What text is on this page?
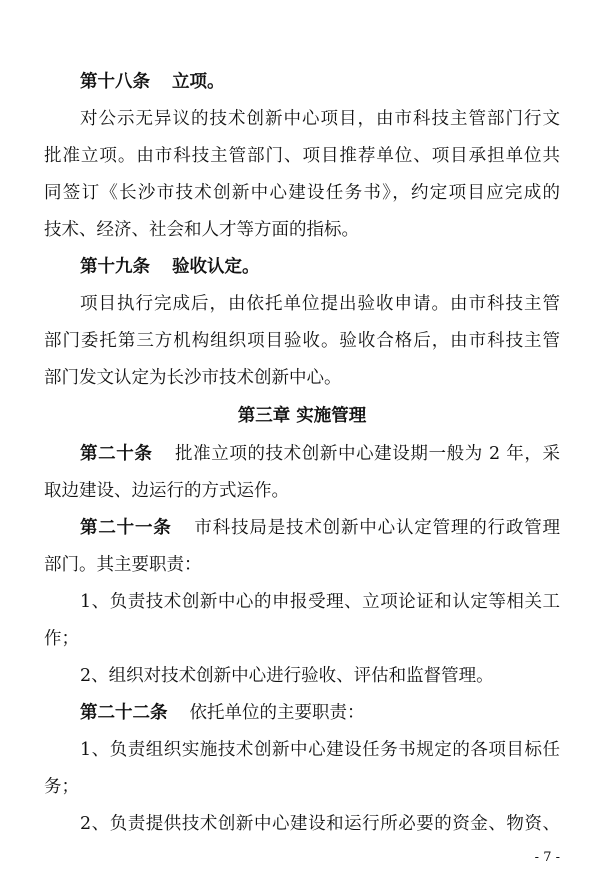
第十八条 立项。
对公示无异议的技术创新中心项目，由市科技主管部门行文
批准立项。由市科技主管部门、项目推荐单位、项目承担单位共
同签订《长沙市技术创新中心建设任务书》，约定项目应完成的
技术、经济、社会和人才等方面的指标。
第十九条 验收认定。
项目执行完成后，由依托单位提出验收申请。由市科技主管
部门委托第三方机构组织项目验收。验收合格后，由市科技主管
部门发文认定为长沙市技术创新中心。
第三章 实施管理
第二十条 批准立项的技术创新中心建设期一般为 2 年，采
取边建设、边运行的方式运作。
第二十一条 市科技局是技术创新中心认定管理的行政管理
部门。其主要职责：
1、负责技术创新中心的申报受理、立项论证和认定等相关工
作；
2、组织对技术创新中心进行验收、评估和监督管理。
第二十二条 依托单位的主要职责：
1、负责组织实施技术创新中心建设任务书规定的各项目标任
务；
2、负责提供技术创新中心建设和运行所必要的资金、物资、
- 7 -
